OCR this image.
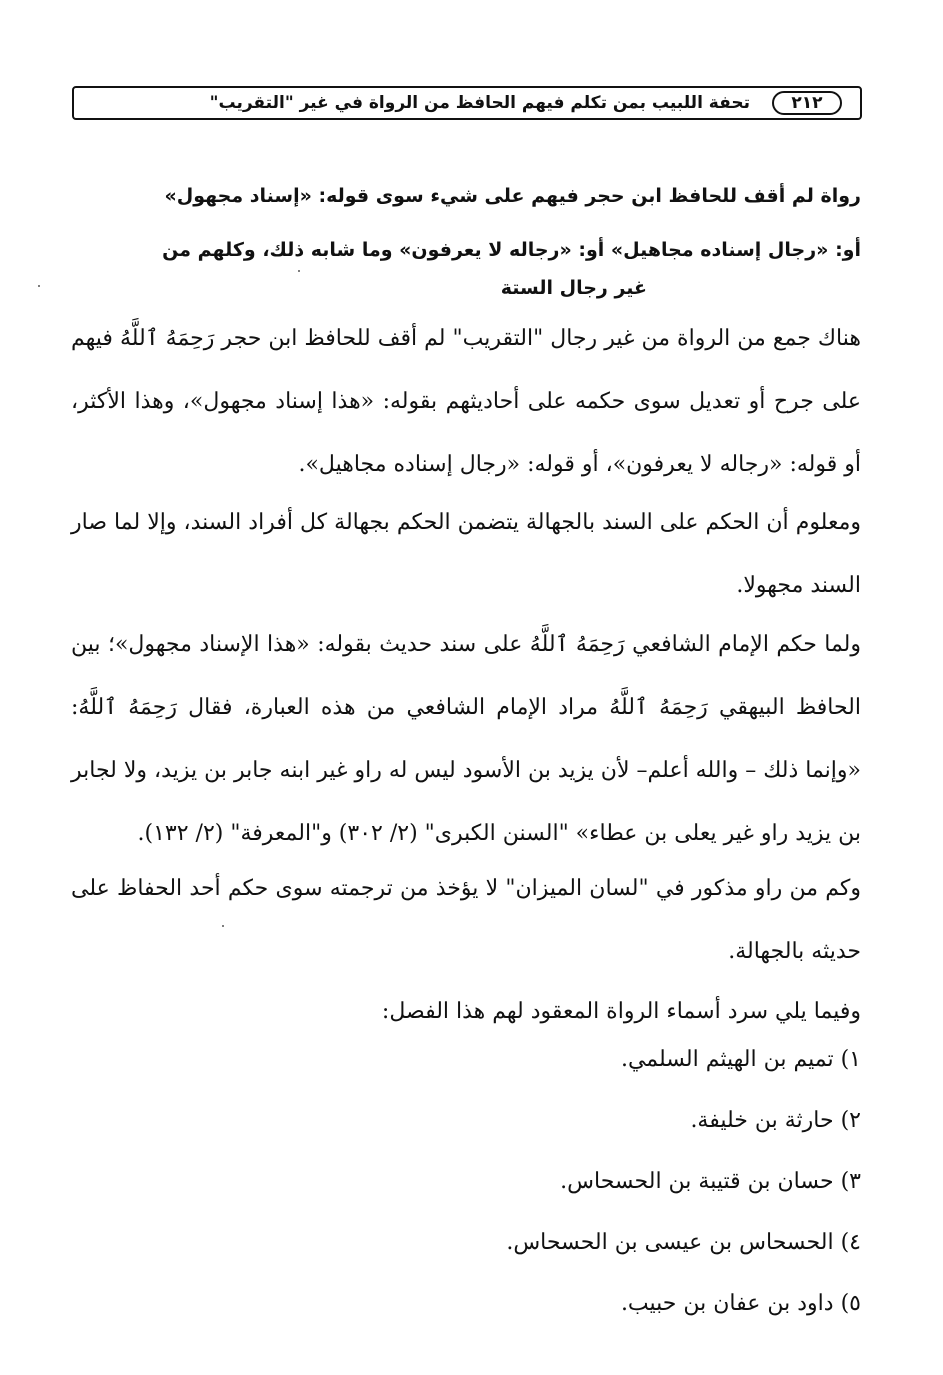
٢١٢
تحفة اللبيب بمن تكلم فيهم الحافظ من الرواة في غير "التقريب"
رواة لم أقف للحافظ ابن حجر فيهم على شيء سوى قوله: «إسناد مجهول»
أو: «رجال إسناده مجاهيل» أو: «رجاله لا يعرفون» وما شابه ذلك، وكلهم من
غير رجال الستة
هناك جمع من الرواة من غير رجال "التقريب" لم أقف للحافظ ابن حجر رَحِمَهُ ٱللَّهُ فيهم على جرح أو تعديل سوى حكمه على أحاديثهم بقوله: «هذا إسناد مجهول»، وهذا الأكثر، أو قوله: «رجاله لا يعرفون»، أو قوله: «رجال إسناده مجاهيل».
ومعلوم أن الحكم على السند بالجهالة يتضمن الحكم بجهالة كل أفراد السند، وإلا لما صار السند مجهولا.
ولما حكم الإمام الشافعي رَحِمَهُ ٱللَّهُ على سند حديث بقوله: «هذا الإسناد مجهول»؛ بين الحافظ البيهقي رَحِمَهُ ٱللَّهُ مراد الإمام الشافعي من هذه العبارة، فقال رَحِمَهُ ٱللَّهُ: «وإنما ذلك – والله أعلم– لأن يزيد بن الأسود ليس له راو غير ابنه جابر بن يزيد، ولا لجابر بن يزيد راو غير يعلى بن عطاء» "السنن الكبرى" (٢/ ٣٠٢) و"المعرفة" (٢/ ١٣٢).
وكم من راو مذكور في "لسان الميزان" لا يؤخذ من ترجمته سوى حكم أحد الحفاظ على حديثه بالجهالة.
وفيما يلي سرد أسماء الرواة المعقود لهم هذا الفصل:
١) تميم بن الهيثم السلمي.
٢) حارثة بن خليفة.
٣) حسان بن قتيبة بن الحسحاس.
٤) الحسحاس بن عيسى بن الحسحاس.
٥) داود بن عفان بن حبيب.
